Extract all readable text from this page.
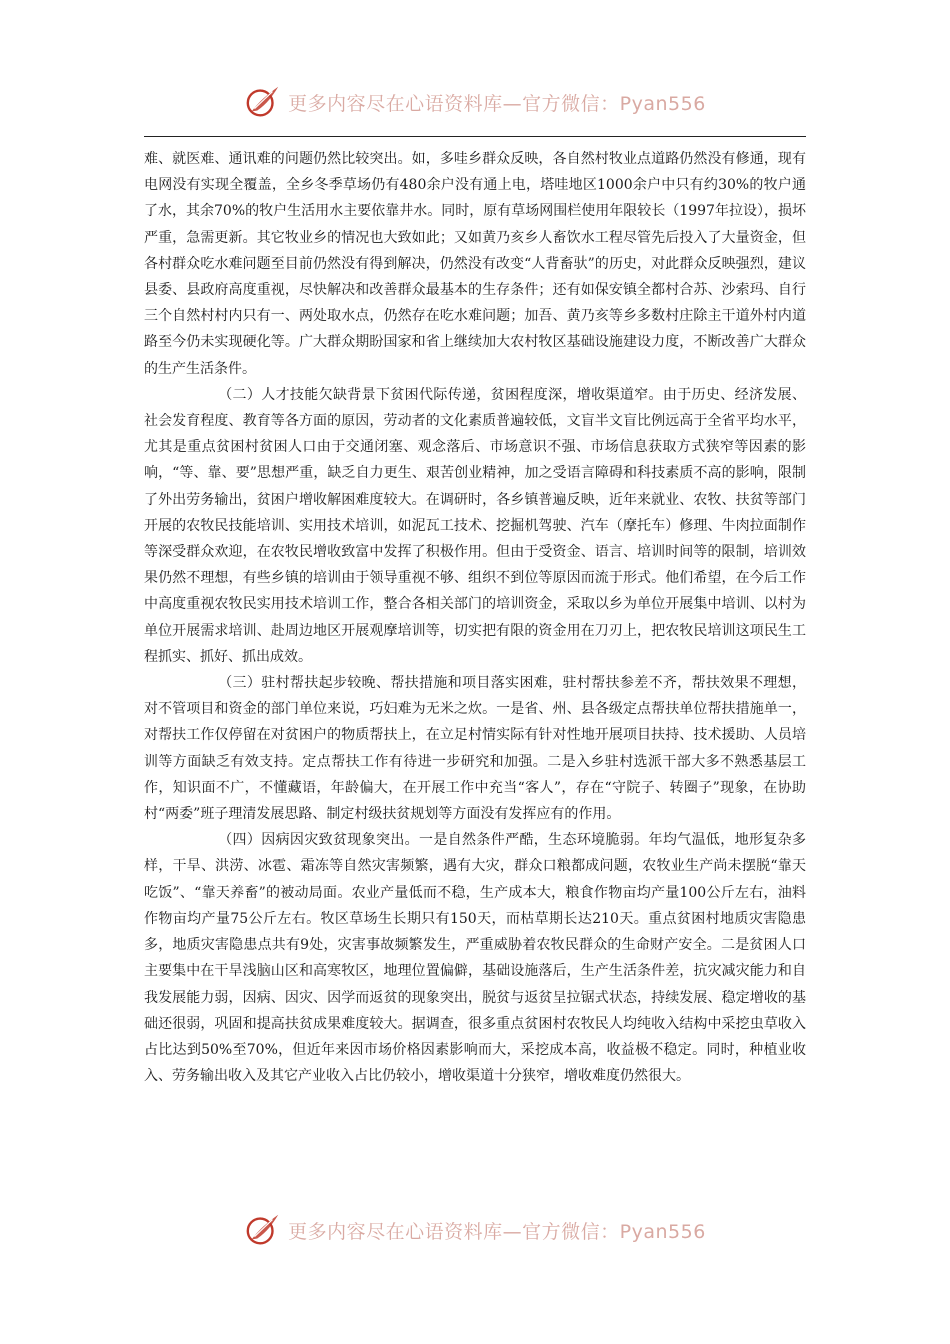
更多内容尽在心语资料库—官方微信：Pyan556

难、就医难、通讯难的问题仍然比较突出。如，多哇乡群众反映，各自然村牧业点道路仍然没有修通，现有电网没有实现全覆盖，全乡冬季草场仍有480余户没有通上电，塔哇地区1000余户中只有约30%的牧户通了水，其余70%的牧户生活用水主要依靠井水。同时，原有草场网围栏使用年限较长（1997年拉设），损坏严重，急需更新。其它牧业乡的情况也大致如此；又如黄乃亥乡人畜饮水工程尽管先后投入了大量资金，但各村群众吃水难问题至目前仍然没有得到解决，仍然没有改变“人背畜驮”的历史，对此群众反映强烈，建议县委、县政府高度重视，尽快解决和改善群众最基本的生存条件；还有如保安镇全都村合苏、沙索玛、自行三个自然村村内只有一、两处取水点，仍然存在吃水难问题；加吾、黄乃亥等乡多数村庄除主干道外村内道路至今仍未实现硬化等。广大群众期盼国家和省上继续加大农村牧区基础设施建设力度，不断改善广大群众的生产生活条件。

（二）人才技能欠缺背景下贫困代际传递，贫困程度深，增收渠道窄。由于历史、经济发展、社会发育程度、教育等各方面的原因，劳动者的文化素质普遍较低，文盲半文盲比例远高于全省平均水平，尤其是重点贫困村贫困人口由于交通闭塞、观念落后、市场意识不强、市场信息获取方式狭窄等因素的影响，“等、靠、要”思想严重，缺乏自力更生、艰苦创业精神，加之受语言障碍和科技素质不高的影响，限制了外出劳务输出，贫困户增收解困难度较大。在调研时，各乡镇普遍反映，近年来就业、农牧、扶贫等部门开展的农牧民技能培训、实用技术培训，如泥瓦工技术、挖掘机驾驶、汽车（摩托车）修理、牛肉拉面制作等深受群众欢迎，在农牧民增收致富中发挥了积极作用。但由于受资金、语言、培训时间等的限制，培训效果仍然不理想，有些乡镇的培训由于领导重视不够、组织不到位等原因而流于形式。他们希望，在今后工作中高度重视农牧民实用技术培训工作，整合各相关部门的培训资金，采取以乡为单位开展集中培训、以村为单位开展需求培训、赴周边地区开展观摩培训等，切实把有限的资金用在刀刃上，把农牧民培训这项民生工程抓实、抓好、抓出成效。

（三）驻村帮扶起步较晚、帮扶措施和项目落实困难，驻村帮扶参差不齐，帮扶效果不理想，对不管项目和资金的部门单位来说，巧妇难为无米之炊。一是省、州、县各级定点帮扶单位帮扶措施单一，对帮扶工作仅停留在对贫困户的物质帮扶上，在立足村情实际有针对性地开展项目扶持、技术援助、人员培训等方面缺乏有效支持。定点帮扶工作有待进一步研究和加强。二是入乡驻村选派干部大多不熟悉基层工作，知识面不广，不懂藏语，年龄偏大，在开展工作中充当“客人”，存在“守院子、转圈子”现象，在协助村“两委”班子理清发展思路、制定村级扶贫规划等方面没有发挥应有的作用。

（四）因病因灾致贫现象突出。一是自然条件严酷，生态环境脆弱。年均气温低，地形复杂多样，干旱、洪涝、冰雹、霜冻等自然灾害频繁，遇有大灾，群众口粮都成问题，农牧业生产尚未摆脱“靠天吃饭”、“靠天养畜”的被动局面。农业产量低而不稳，生产成本大，粮食作物亩均产量100公斤左右，油料作物亩均产量75公斤左右。牧区草场生长期只有150天，而枯草期长达210天。重点贫困村地质灾害隐患多，地质灾害隐患点共有9处，灾害事故频繁发生，严重威胁着农牧民群众的生命财产安全。二是贫困人口主要集中在干旱浅脑山区和高寒牧区，地理位置偏僻，基础设施落后，生产生活条件差，抗灾减灾能力和自我发展能力弱，因病、因灾、因学而返贫的现象突出，脱贫与返贫呈拉锯式状态，持续发展、稳定增收的基础还很弱，巩固和提高扶贫成果难度较大。据调查，很多重点贫困村农牧民人均纯收入结构中采挖虫草收入占比达到50%至70%，但近年来因市场价格因素影响而大，采挖成本高，收益极不稳定。同时，种植业收入、劳务输出收入及其它产业收入占比仍较小，增收渠道十分狭窄，增收难度仍然很大。

更多内容尽在心语资料库—官方微信：Pyan556
